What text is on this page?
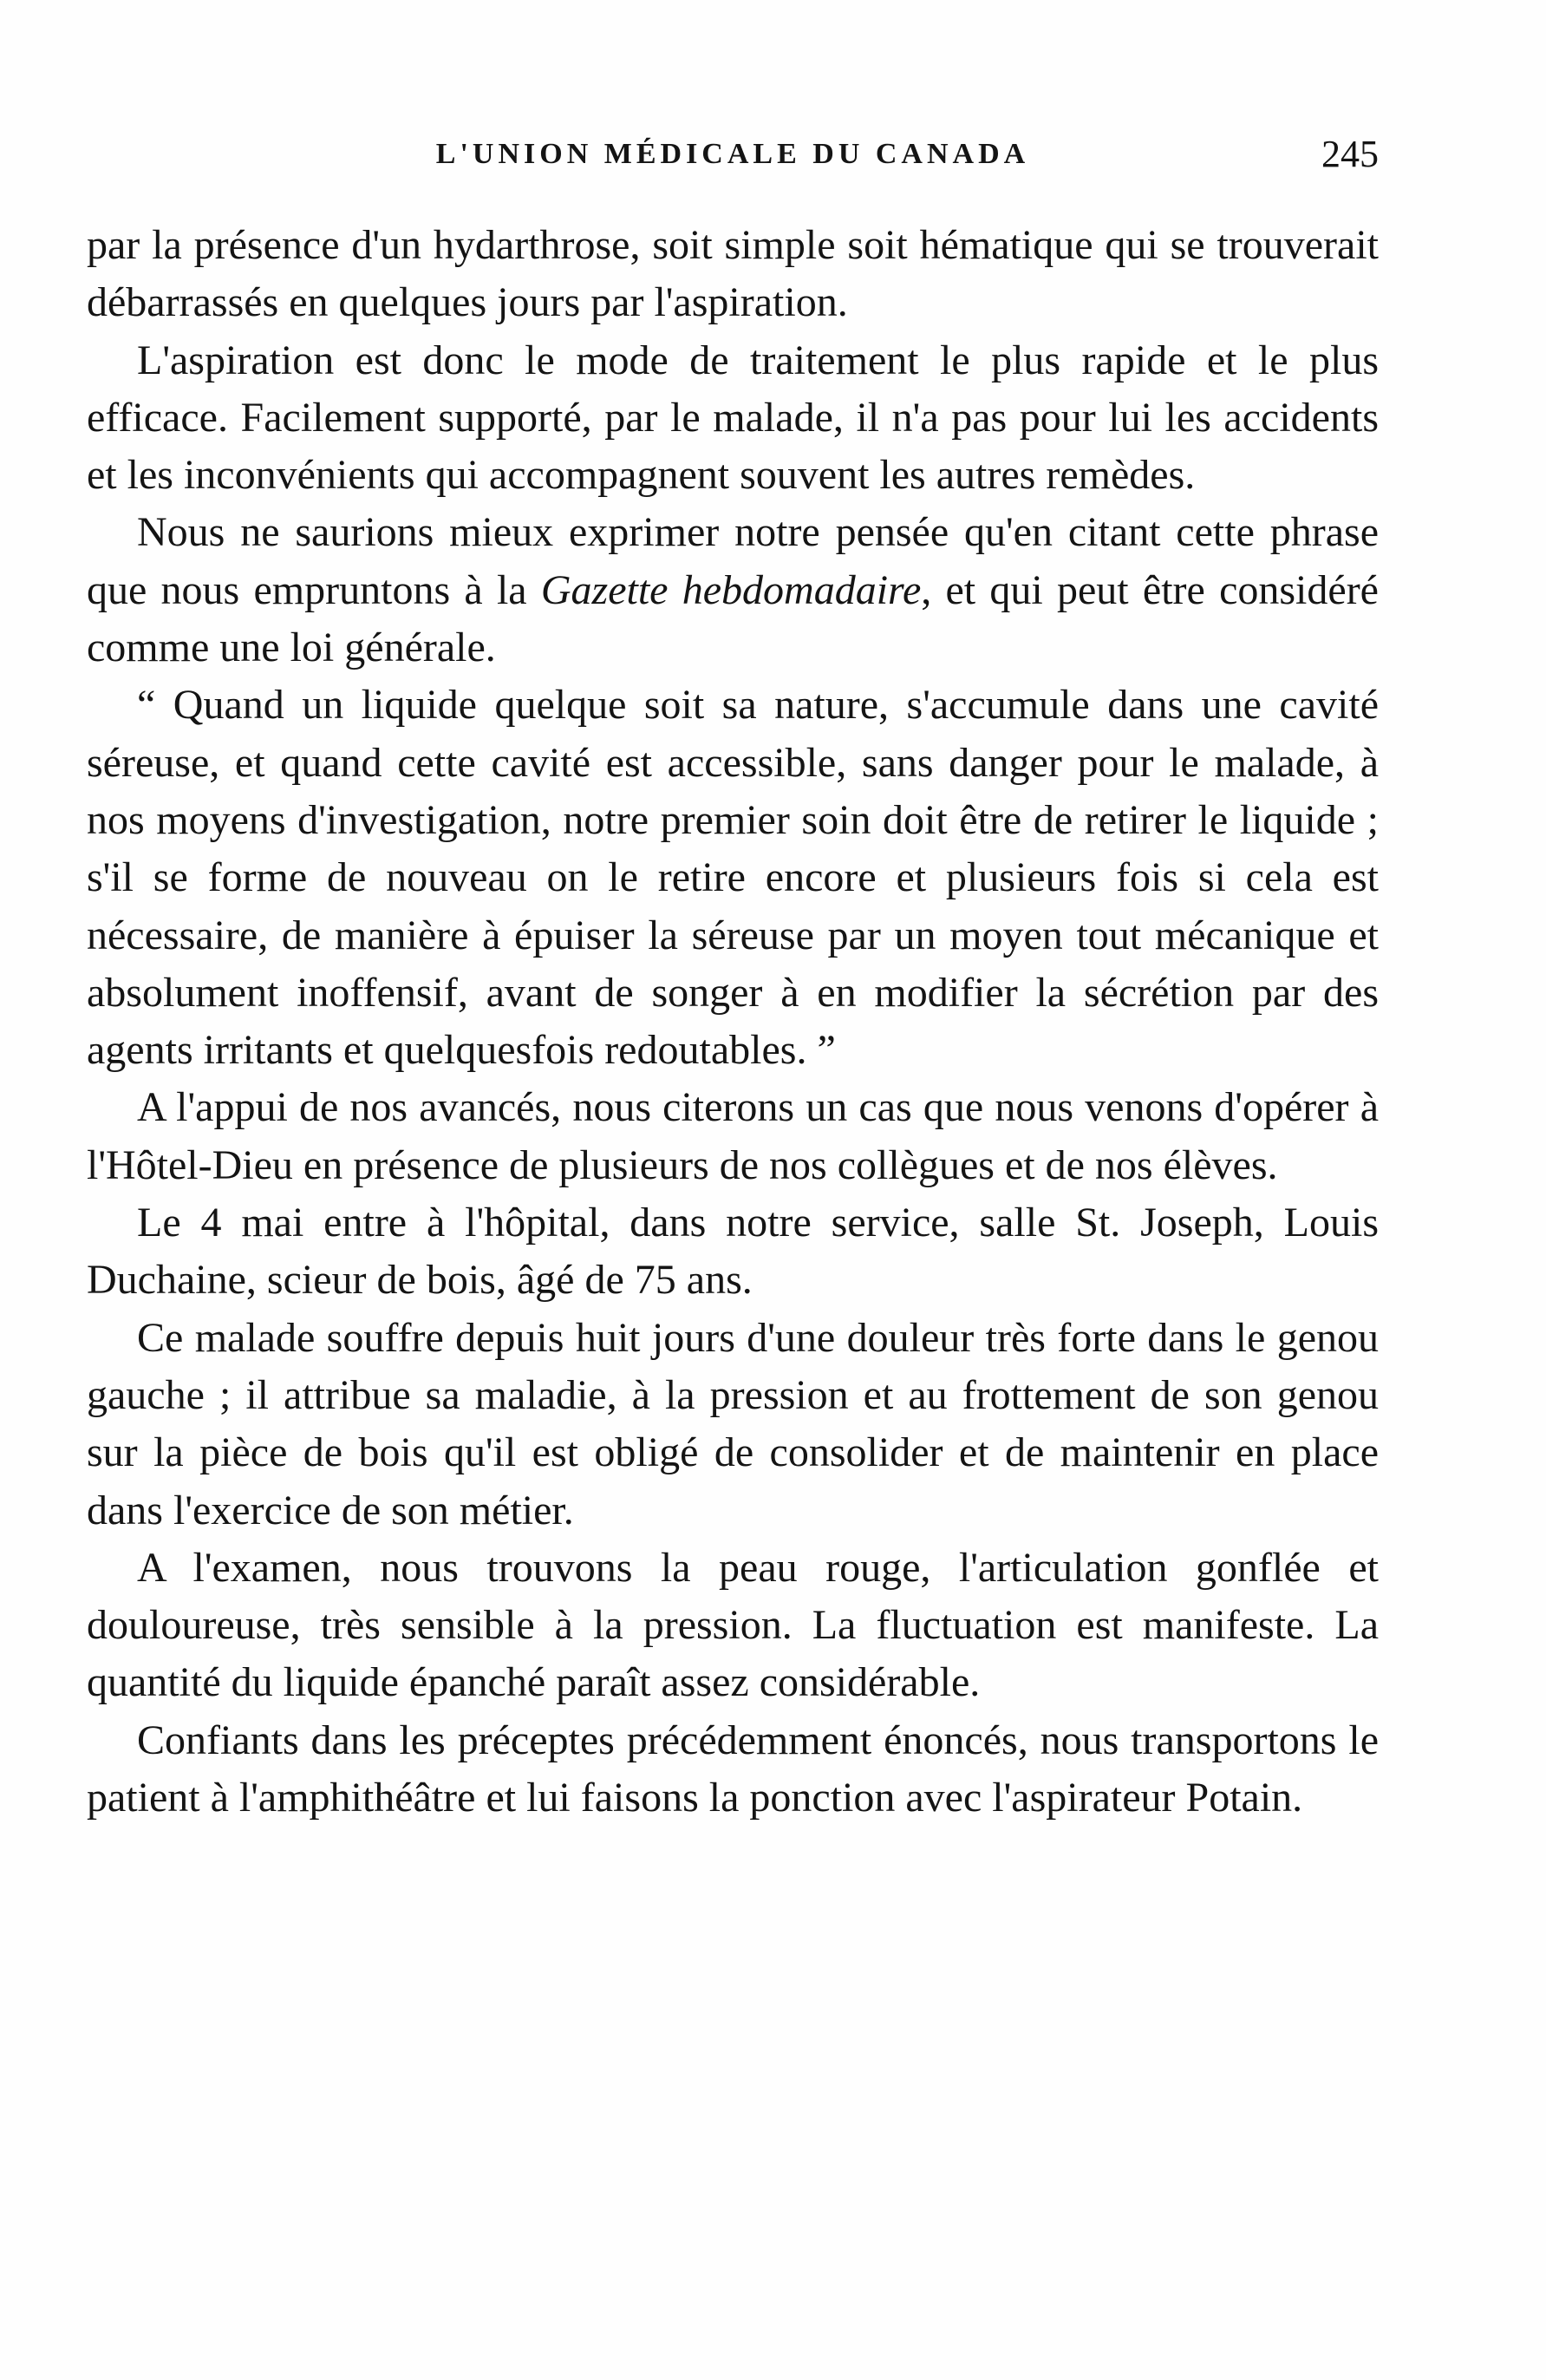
L'UNION MÉDICALE DU CANADA	245

par la présence d'un hydarthrose, soit simple soit hématique qui se trouverait débarrassés en quelques jours par l'aspiration.

L'aspiration est donc le mode de traitement le plus rapide et le plus efficace. Facilement supporté, par le malade, il n'a pas pour lui les accidents et les inconvénients qui accompagnent souvent les autres remèdes.

Nous ne saurions mieux exprimer notre pensée qu'en citant cette phrase que nous empruntons à la Gazette hebdomadaire, et qui peut être considéré comme une loi générale.

“ Quand un liquide quelque soit sa nature, s'accumule dans une cavité séreuse, et quand cette cavité est accessible, sans danger pour le malade, à nos moyens d'investigation, notre premier soin doit être de retirer le liquide ; s'il se forme de nouveau on le retire encore et plusieurs fois si cela est nécessaire, de manière à épuiser la séreuse par un moyen tout mécanique et absolument inoffensif, avant de songer à en modifier la sécrétion par des agents irritants et quelquesfois redoutables. ”

A l'appui de nos avancés, nous citerons un cas que nous venons d'opérer à l'Hôtel-Dieu en présence de plusieurs de nos collègues et de nos élèves.

Le 4 mai entre à l'hôpital, dans notre service, salle St. Joseph, Louis Duchaine, scieur de bois, âgé de 75 ans.

Ce malade souffre depuis huit jours d'une douleur très forte dans le genou gauche ; il attribue sa maladie, à la pression et au frottement de son genou sur la pièce de bois qu'il est obligé de consolider et de maintenir en place dans l'exercice de son métier.

A l'examen, nous trouvons la peau rouge, l'articulation gonflée et douloureuse, très sensible à la pression. La fluctuation est manifeste. La quantité du liquide épanché paraît assez considérable.

Confiants dans les préceptes précédemment énoncés, nous transportons le patient à l'amphithéâtre et lui faisons la ponction avec l'aspirateur Potain.
